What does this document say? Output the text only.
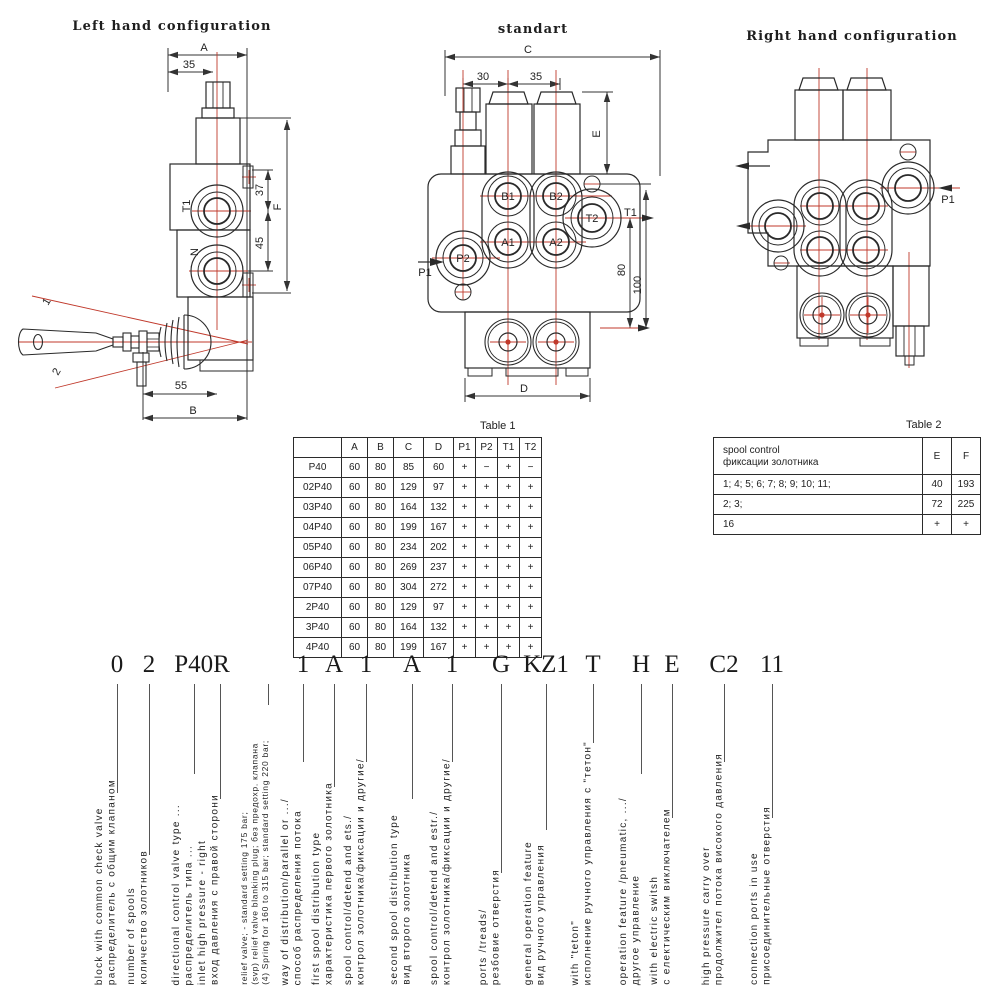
Left hand configuration	standart	Right hand configuration
A
35
37
F
45
55
B
T1
N
1
2
C
30	35
E
80
100
D
B1	B2
A1	A2
P2
T2 T1
P1
P1
Table 1
	A	B	C	D	P1	P2	T1	T2
P40	60	80	85	60	+	−	+	−
02P40	60	80	129	97	+	+	+	+
03P40	60	80	164	132	+	+	+	+
04P40	60	80	199	167	+	+	+	+
05P40	60	80	234	202	+	+	+	+
06P40	60	80	269	237	+	+	+	+
07P40	60	80	304	272	+	+	+	+
2P40	60	80	129	97	+	+	+	+
3P40	60	80	164	132	+	+	+	+
4P40	60	80	199	167	+	+	+	+
Table 2
spool control
фиксации золотника	E	F
1; 4; 5; 6; 7; 8; 9; 10; 11;	40	193
2; 3;	72	225
16	+	+
0 2 P40R	1 A 1 A 1 G KZ1 T H E C2 11
block with common check valve распределитель с общим клапаном number of spools количество золотников directional control valve type ... распределитель типа ... inlet high pressure - right вход давления с правой сторони relief valve; - standard setting 175 bar; (svp) relief valve blanking plug; без предохр. клапана (4) Spring for 160 to 315 bar; standard setting 220 bar; way of distribution/parallel or .../ способ распределения потока first spool distribution type характеристика первого золотника spool control/detend and ets./ контрол золотника/фиксации и другие/ second spool distribution type вид второго золотника spool control/detend and estr./ контрол золотника/фиксации и другие/	ports /treads/ резбовие отверстия general operation feature вид ручного управления with "teton" исполнение ручного управления с "тетон" operation feature /pneumatic, .../ другое управление with electric switsh с електическим виключателем	high pressure carry over продолжител потока високого давления connection ports in use присоединительные отверстия
